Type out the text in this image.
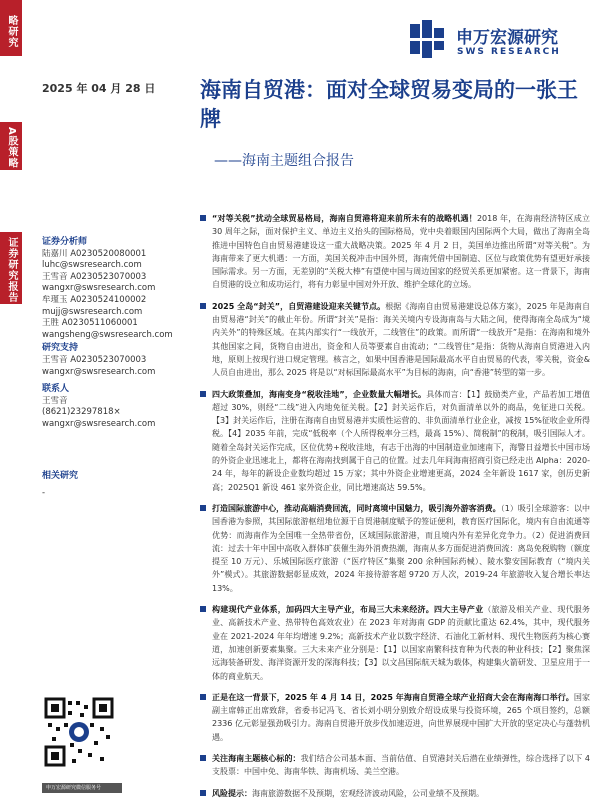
略研究
A股策略
证券研究报告
申万宏源研究
SWS RESEARCH
2025 年 04 月 28 日 海南自贸港：面对全球贸易变局的一张王牌
——海南主题组合报告
证券分析师
陆嘉川 A0230520080001
luhc@swsresearch.com
王雪音 A0230523070003
wangxr@swsresearch.com
牟瑾玉 A0230524100002
mujj@swsresearch.com
王胜 A0230511060001
wangsheng@swsresearch.com
研究支持
王雪音 A0230523070003
wangxr@swsresearch.com
联系人
王雪音
(8621)23297818×
wangxr@swsresearch.com
相关研究
-
申万宏源研究微信服务号
“对等关税”扰动全球贸易格局，海南自贸港将迎来前所未有的战略机遇！2018 年，在海南经济特区成立 30 周年之际，面对保护主义、单边主义抬头的国际格局，党中央着眼国内国际两个大局，做出了海南全岛推进中国特色自由贸易港建设这一重大战略决策。2025 年 4 月 2 日，美国单边推出所谓“对等关税”。为海南带来了更大机遇：一方面，美国关税冲击中国外贸，海南凭借中国制造、区位与政策优势有望更好承接国际需求。另一方面，无差别的“关税大棒”有望使中国与周边国家的经贸关系更加紧密。这一背景下，海南自贸港的设立和成功运行，将有力彰显中国对外开放、维护全球化的立场。
2025 全岛“封关”，自贸港建设迎来关键节点。根据《海南自由贸易港建设总体方案》，2025 年是海南自由贸易港“封关”的截止年份。所谓“封关”是指：海关关境内专设海南岛与大陆之间，使得海南全岛成为“境内关外”的特殊区域。在其内部实行“一线放开，二线管住”的政策。而所谓“一线放开”是指：在海南和境外其他国家之间，货物自由进出，资金和人员等要素自由流动；“二线管住”是指：货物从海南自贸港进入内地，原则上按现行进口规定管理。核言之，如果中国香港是国际最高水平自由贸易的代表，零关税，资金&人员自由进出，那么 2025 将是以“对标国际最高水平”为目标的海南，向“香港”转型的第一步。
四大政策叠加，海南变身“税收洼地”，企业数量大幅增长。具体而言：【1】鼓励类产业，产品若加工增值超过 30%，则经“二线”进入内地免征关税。【2】封关运作后，对负面清单以外的商品，免征进口关税。【3】封关运作后，注册在海南自由贸易港并实质性运营的、非负面清单行业企业，减按 15%征收企业所得税。【4】2035 年前，完成“低税率（个人所得税率分三档，最高 15%）、简税制”的税制，吸引国际人才。随着全岛封关运作完成，区位优势+税收洼地，有志于出海的中国制造业加速南下，海警日益增长中国市场的外资企业迅速北上，都将在海南找到属于自己的位置。过去几年间海南招商引资已经走出 Alpha：2020-24 年，每年的新设企业数均超过 15 万家；其中外资企业增速更高，2024 全年新设 1617 家，创历史新高；2025Q1 新设 461 家外资企业，同比增速高达 59.5%。
打造国际旅游中心，推动高端消费回流，同时离境中国魅力，吸引海外游客消费。（1）吸引全球游客：以中国香港为参照，其国际旅游枢纽地位源于自贸港制度赋予的签证便利，教育医疗国际化，境内有自由流通等优势：而海南作为全国唯一全热带省份，区域国际旅游港，而且境内外有差异化竞争力。（2）促进消费回流：过去十年中国中高收入群体旷获催生海外消费热潮，海南从多方面促进消费回流：离岛免税购物（额度提至 10 万元）、乐城国际医疗旅游（“医疗特区”集聚 200 余种国际药械）、陵水黎安国际教育（“境内关外”模式）。其旅游数据彰显成效，2024 年接待游客超 9720 万人次，2019-24 年旅游收入复合增长率达 13%。
构建现代产业体系，加码四大主导产业，布局三大未来经济。四大主导产业（旅游及相关产业、现代服务业、高新技术产业、热带特色高效农业）在 2023 年对海南 GDP 的贡献比重达 62.4%，其中，现代服务业在 2021-2024 年年均增速 9.2%；高新技术产业以数字经济、石油化工新材料、现代生物医药为核心赛道，加速创新要素集聚。三大未来产业分别是：【1】以国家南繁科技育种为代表的种业科技；【2】聚焦深远海装备研发、海洋资源开发的深海科技；【3】以文昌国际航天城为载体，构建集火箭研发、卫星应用于一体的商业航天。
正是在这一背景下，2025 年 4 月 14 日，2025 年海南自贸港全球产业招商大会在海南海口举行。国家副主席韩正出席致辞，省委书记冯飞、省长刘小明分别致介绍设成果与投资环境，265 个项目签约，总额 2336 亿元彰显强劲吸引力。海南自贸港开放步伐加速迈进，向世界展现中国扩大开放的坚定决心与蓬勃机遇。
关注海南主题核心标的：我们结合公司基本面、当前估值、自贸港封关后潜在业绩弹性，综合选择了以下 4 支股票：中国中免、海南华铁、海南机场、美兰空港。
风险提示：海南旅游数据不及预期，宏观经济波动风险，公司业绩不及预期。
